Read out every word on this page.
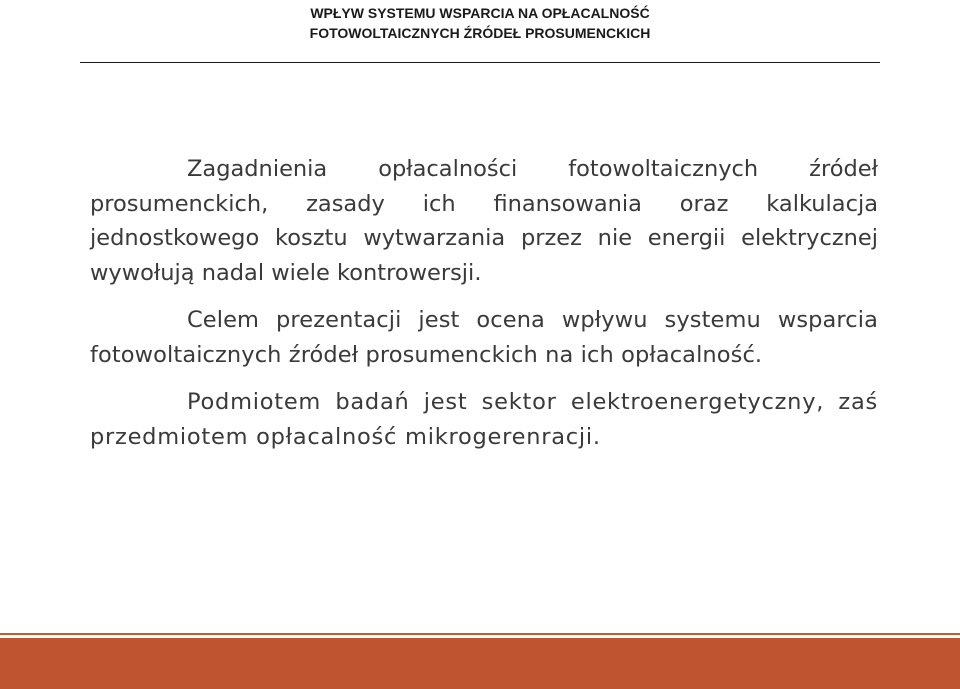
WPŁYW SYSTEMU WSPARCIA NA OPŁACALNOŚĆ
FOTOWOLTAICZNYCH ŹRÓDEŁ PROSUMENCKICH

Zagadnienia opłacalności fotowoltaicznych źródeł prosumenckich, zasady ich finansowania oraz kalkulacja jednostkowego kosztu wytwarzania przez nie energii elektrycznej wywołują nadal wiele kontrowersji.

Celem prezentacji jest ocena wpływu systemu wsparcia fotowoltaicznych źródeł prosumenckich na ich opłacalność.

Podmiotem badań jest sektor elektroenergetyczny, zaś przedmiotem opłacalność mikrogerenracji.
